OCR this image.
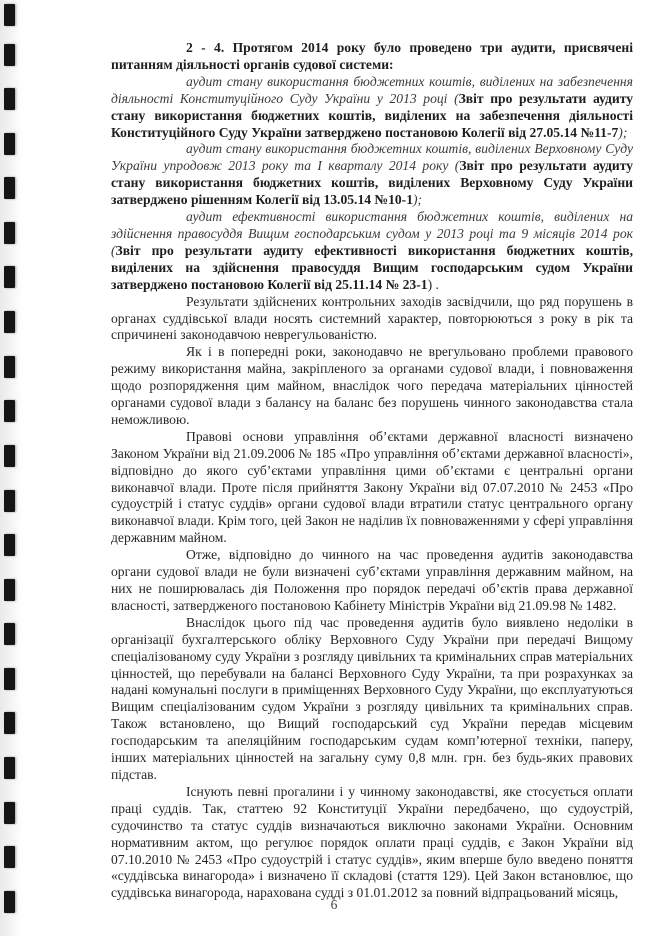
2 - 4. Протягом 2014 року було проведено три аудити, присвячені питанням діяльності органів судової системи:

аудит стану використання бюджетних коштів, виділених на забезпечення діяльності Конституційного Суду України у 2013 році (Звіт про результати аудиту стану використання бюджетних коштів, виділених на забезпечення діяльності Конституційного Суду України затверджено постановою Колегії від 27.05.14 №11-7);

аудит стану використання бюджетних коштів, виділених Верховному Суду України упродовж 2013 року та І кварталу 2014 року (Звіт про результати аудиту стану використання бюджетних коштів, виділених Верховному Суду України затверджено рішенням Колегії від 13.05.14 №10-1);

аудит ефективності використання бюджетних коштів, виділених на здійснення правосуддя Вищим господарським судом у 2013 році та 9 місяців 2014 рок (Звіт про результати аудиту ефективності використання бюджетних коштів, виділених на здійснення правосуддя Вищим господарським судом України затверджено постановою Колегії від 25.11.14 № 23-1) .

Результати здійснених контрольних заходів засвідчили, що ряд порушень в органах суддівської влади носять системний характер, повторюються з року в рік та спричинені законодавчою неврегульованістю.

Як і в попередні роки, законодавчо не врегульовано проблеми правового режиму використання майна, закріпленого за органами судової влади, і повноваження щодо розпорядження цим майном, внаслідок чого передача матеріальних цінностей органами судової влади з балансу на баланс без порушень чинного законодавства стала неможливою.

Правові основи управління об’єктами державної власності визначено Законом України від 21.09.2006 № 185 «Про управління об’єктами державної власності», відповідно до якого суб’єктами управління цими об’єктами є центральні органи виконавчої влади. Проте після прийняття Закону України від 07.07.2010 № 2453 «Про судоустрій і статус суддів» органи судової влади втратили статус центрального органу виконавчої влади. Крім того, цей Закон не наділив їх повноваженнями у сфері управління державним майном.

Отже, відповідно до чинного на час проведення аудитів законодавства органи судової влади не були визначені суб’єктами управління державним майном, на них не поширювалась дія Положення про порядок передачі об’єктів права державної власності, затвердженого постановою Кабінету Міністрів України від 21.09.98 № 1482.

Внаслідок цього під час проведення аудитів було виявлено недоліки в організації бухгалтерського обліку Верховного Суду України при передачі Вищому спеціалізованому суду України з розгляду цивільних та кримінальних справ матеріальних цінностей, що перебували на балансі Верховного Суду України, та при розрахунках за надані комунальні послуги в приміщеннях Верховного Суду України, що експлуатуються Вищим спеціалізованим судом України з розгляду цивільних та кримінальних справ. Також встановлено, що Вищий господарський суд України передав місцевим господарським та апеляційним господарським судам комп’ютерної техніки, паперу, інших матеріальних цінностей на загальну суму 0,8 млн. грн. без будь-яких правових підстав.

Існують певні прогалини і у чинному законодавстві, яке стосується оплати праці суддів. Так, статтею 92 Конституції України передбачено, що судоустрій, судочинство та статус суддів визначаються виключно законами України. Основним нормативним актом, що регулює порядок оплати праці суддів, є Закон України від 07.10.2010 № 2453 «Про судоустрій і статус суддів», яким вперше було введено поняття «суддівська винагорода» і визначено її складові (стаття 129). Цей Закон встановлює, що суддівська винагорода, нарахована судді з 01.01.2012 за повний відпрацьований місяць,

6
